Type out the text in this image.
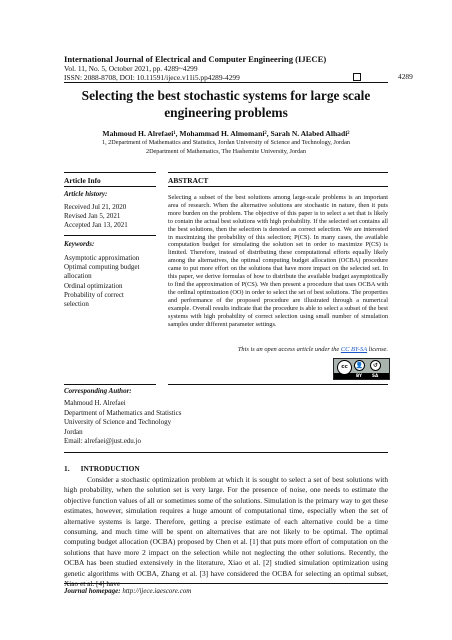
International Journal of Electrical and Computer Engineering (IJECE)
Vol. 11, No. 5, October 2021, pp. 4289~4299
ISSN: 2088-8708, DOI: 10.11591/ijece.v11i5.pp4289-4299	4289
Selecting the best stochastic systems for large scale engineering problems
Mahmoud H. Alrefaei¹, Mohammad H. Almomani², Sarah N. Alabed Alhadi²
1, 2Department of Mathematics and Statistics, Jordan University of Science and Technology, Jordan
2Department of Mathematics, The Hashemite University, Jordan
Article Info
Article history:
Received Jul 21, 2020
Revised Jan 5, 2021
Accepted Jan 13, 2021
Keywords:
Asymptotic approximation
Optimal computing budget
allocation
Ordinal optimization
Probability of correct
selection
ABSTRACT
Selecting a subset of the best solutions among large-scale problems is an important area of research. When the alternative solutions are stochastic in nature, then it puts more burden on the problem. The objective of this paper is to select a set that is likely to contain the actual best solutions with high probability. If the selected set contains all the best solutions, then the selection is denoted as correct selection. We are interested in maximizing the probability of this selection; P(CS). In many cases, the available computation budget for simulating the solution set in order to maximize P(CS) is limited. Therefore, instead of distributing these computational efforts equally likely among the alternatives, the optimal computing budget allocation (OCBA) procedure came to put more effort on the solutions that have more impact on the selected set. In this paper, we derive formulas of how to distribute the available budget asymptotically to find the approximation of P(CS). We then present a procedure that uses OCBA with the ordinal optimization (OO) in order to select the set of best solutions. The properties and performance of the proposed procedure are illustrated through a numerical example. Overall results indicate that the procedure is able to select a subset of the best systems with high probability of correct selection using small number of simulation samples under different parameter settings.
This is an open access article under the CC BY-SA license.
cc	👤	↺
BY SA
Corresponding Author:
Mahmoud H. Alrefaei
Department of Mathematics and Statistics
University of Science and Technology
Jordan
Email: alrefaei@just.edu.jo
1.      INTRODUCTION

Consider a stochastic optimization problem at which it is sought to select a set of best solutions with high probability, when the solution set is very large. For the presence of noise, one needs to estimate the objective function values of all or sometimes some of the solutions. Simulation is the primary way to get these estimates, however, simulation requires a huge amount of computational time, especially when the set of alternative systems is large. Therefore, getting a precise estimate of each alternative could be a time consuming, and much time will be spent on alternatives that are not likely to be optimal. The optimal computing budget allocation (OCBA) proposed by Chen et al. [1] that puts more effort of computation on the solutions that have more 2 impact on the selection while not neglecting the other solutions. Recently, the OCBA has been studied extensively in the literature, Xiao et al. [2] studied simulation optimization using genetic algorithms with OCBA, Zhang et al. [3] have considered the OCBA for selecting an optimal subset,

Journal homepage: http://ijece.iaescore.com
